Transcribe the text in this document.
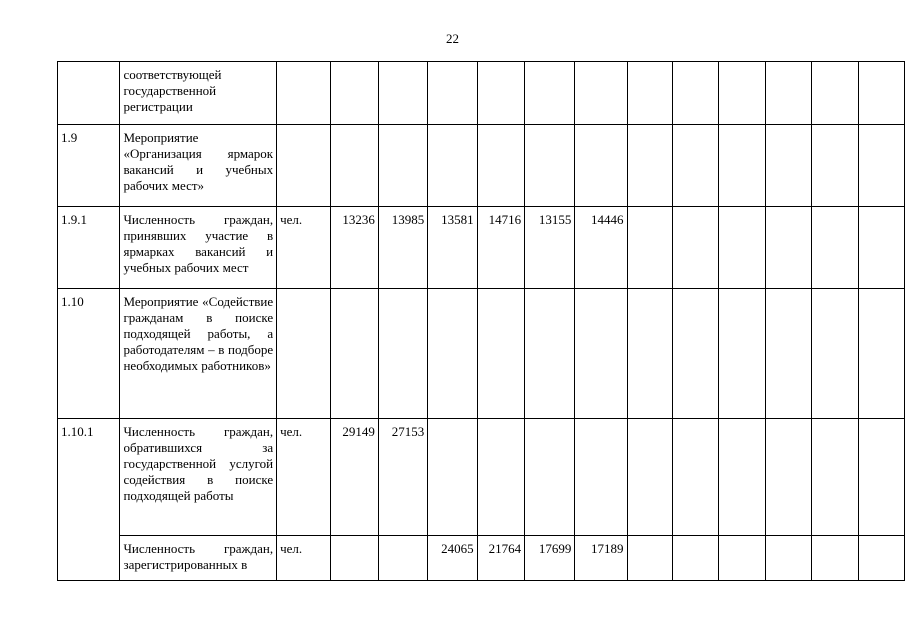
22
	соответствующей государственной регистрации													
1.9	Мероприятие «Организация ярмарок вакансий и учебных рабочих мест»													
1.9.1	Численность граждан, принявших участие в ярмарках вакансий и учебных рабочих мест	чел.	13236	13985	13581	14716	13155	14446						
1.10	Мероприятие «Содействие гражданам в поиске подходящей работы, а работодателям – в подборе необходимых работников»													
1.10.1	Численность граждан, обратившихся за государственной услугой содействия в поиске подходящей работы	чел.	29149	27153										
	Численность граждан, зарегистрированных в	чел.			24065	21764	17699	17189						
